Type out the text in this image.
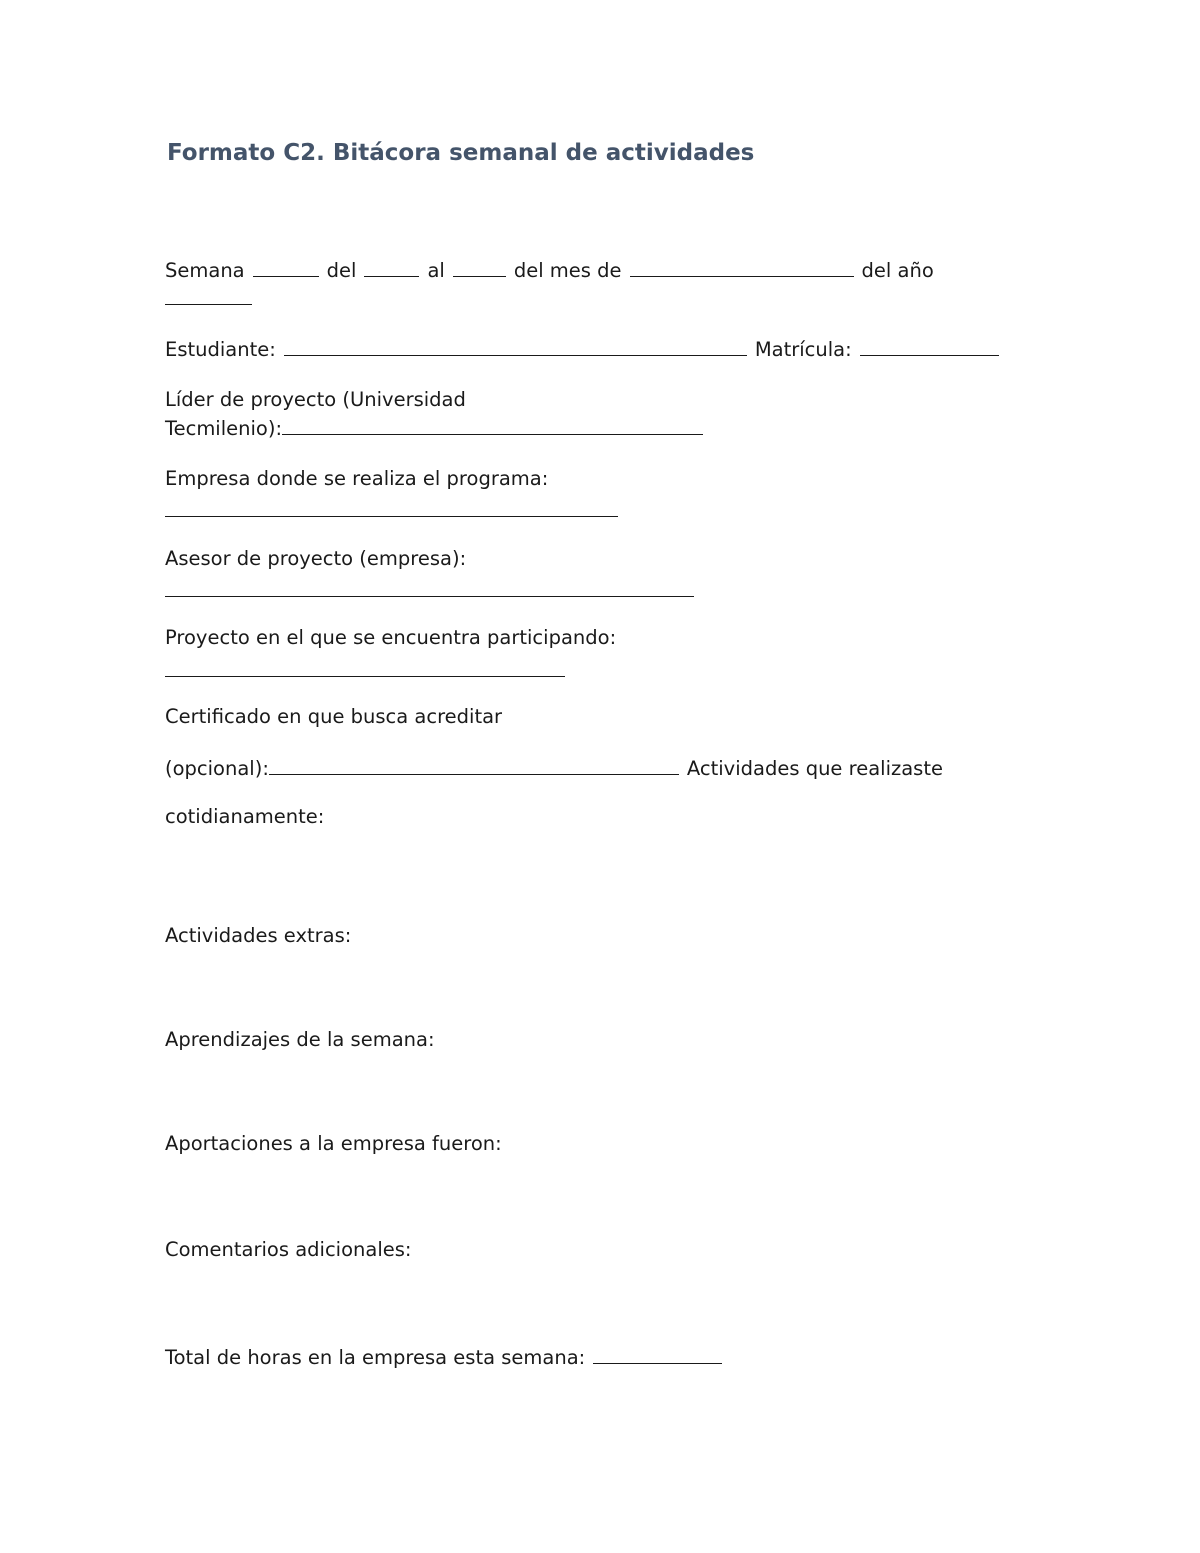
Formato C2. Bitácora semanal de actividades
Semana	del	al	del mes de	del año
Estudiante:	Matrícula:
Líder de proyecto (Universidad
Tecmilenio):
Empresa donde se realiza el programa:
Asesor de proyecto (empresa):
Proyecto en el que se encuentra participando:
Certificado en que busca acreditar
(opcional):	Actividades que realizaste
cotidianamente:
Actividades extras:
Aprendizajes de la semana:
Aportaciones a la empresa fueron:
Comentarios adicionales:
Total de horas en la empresa esta semana:
